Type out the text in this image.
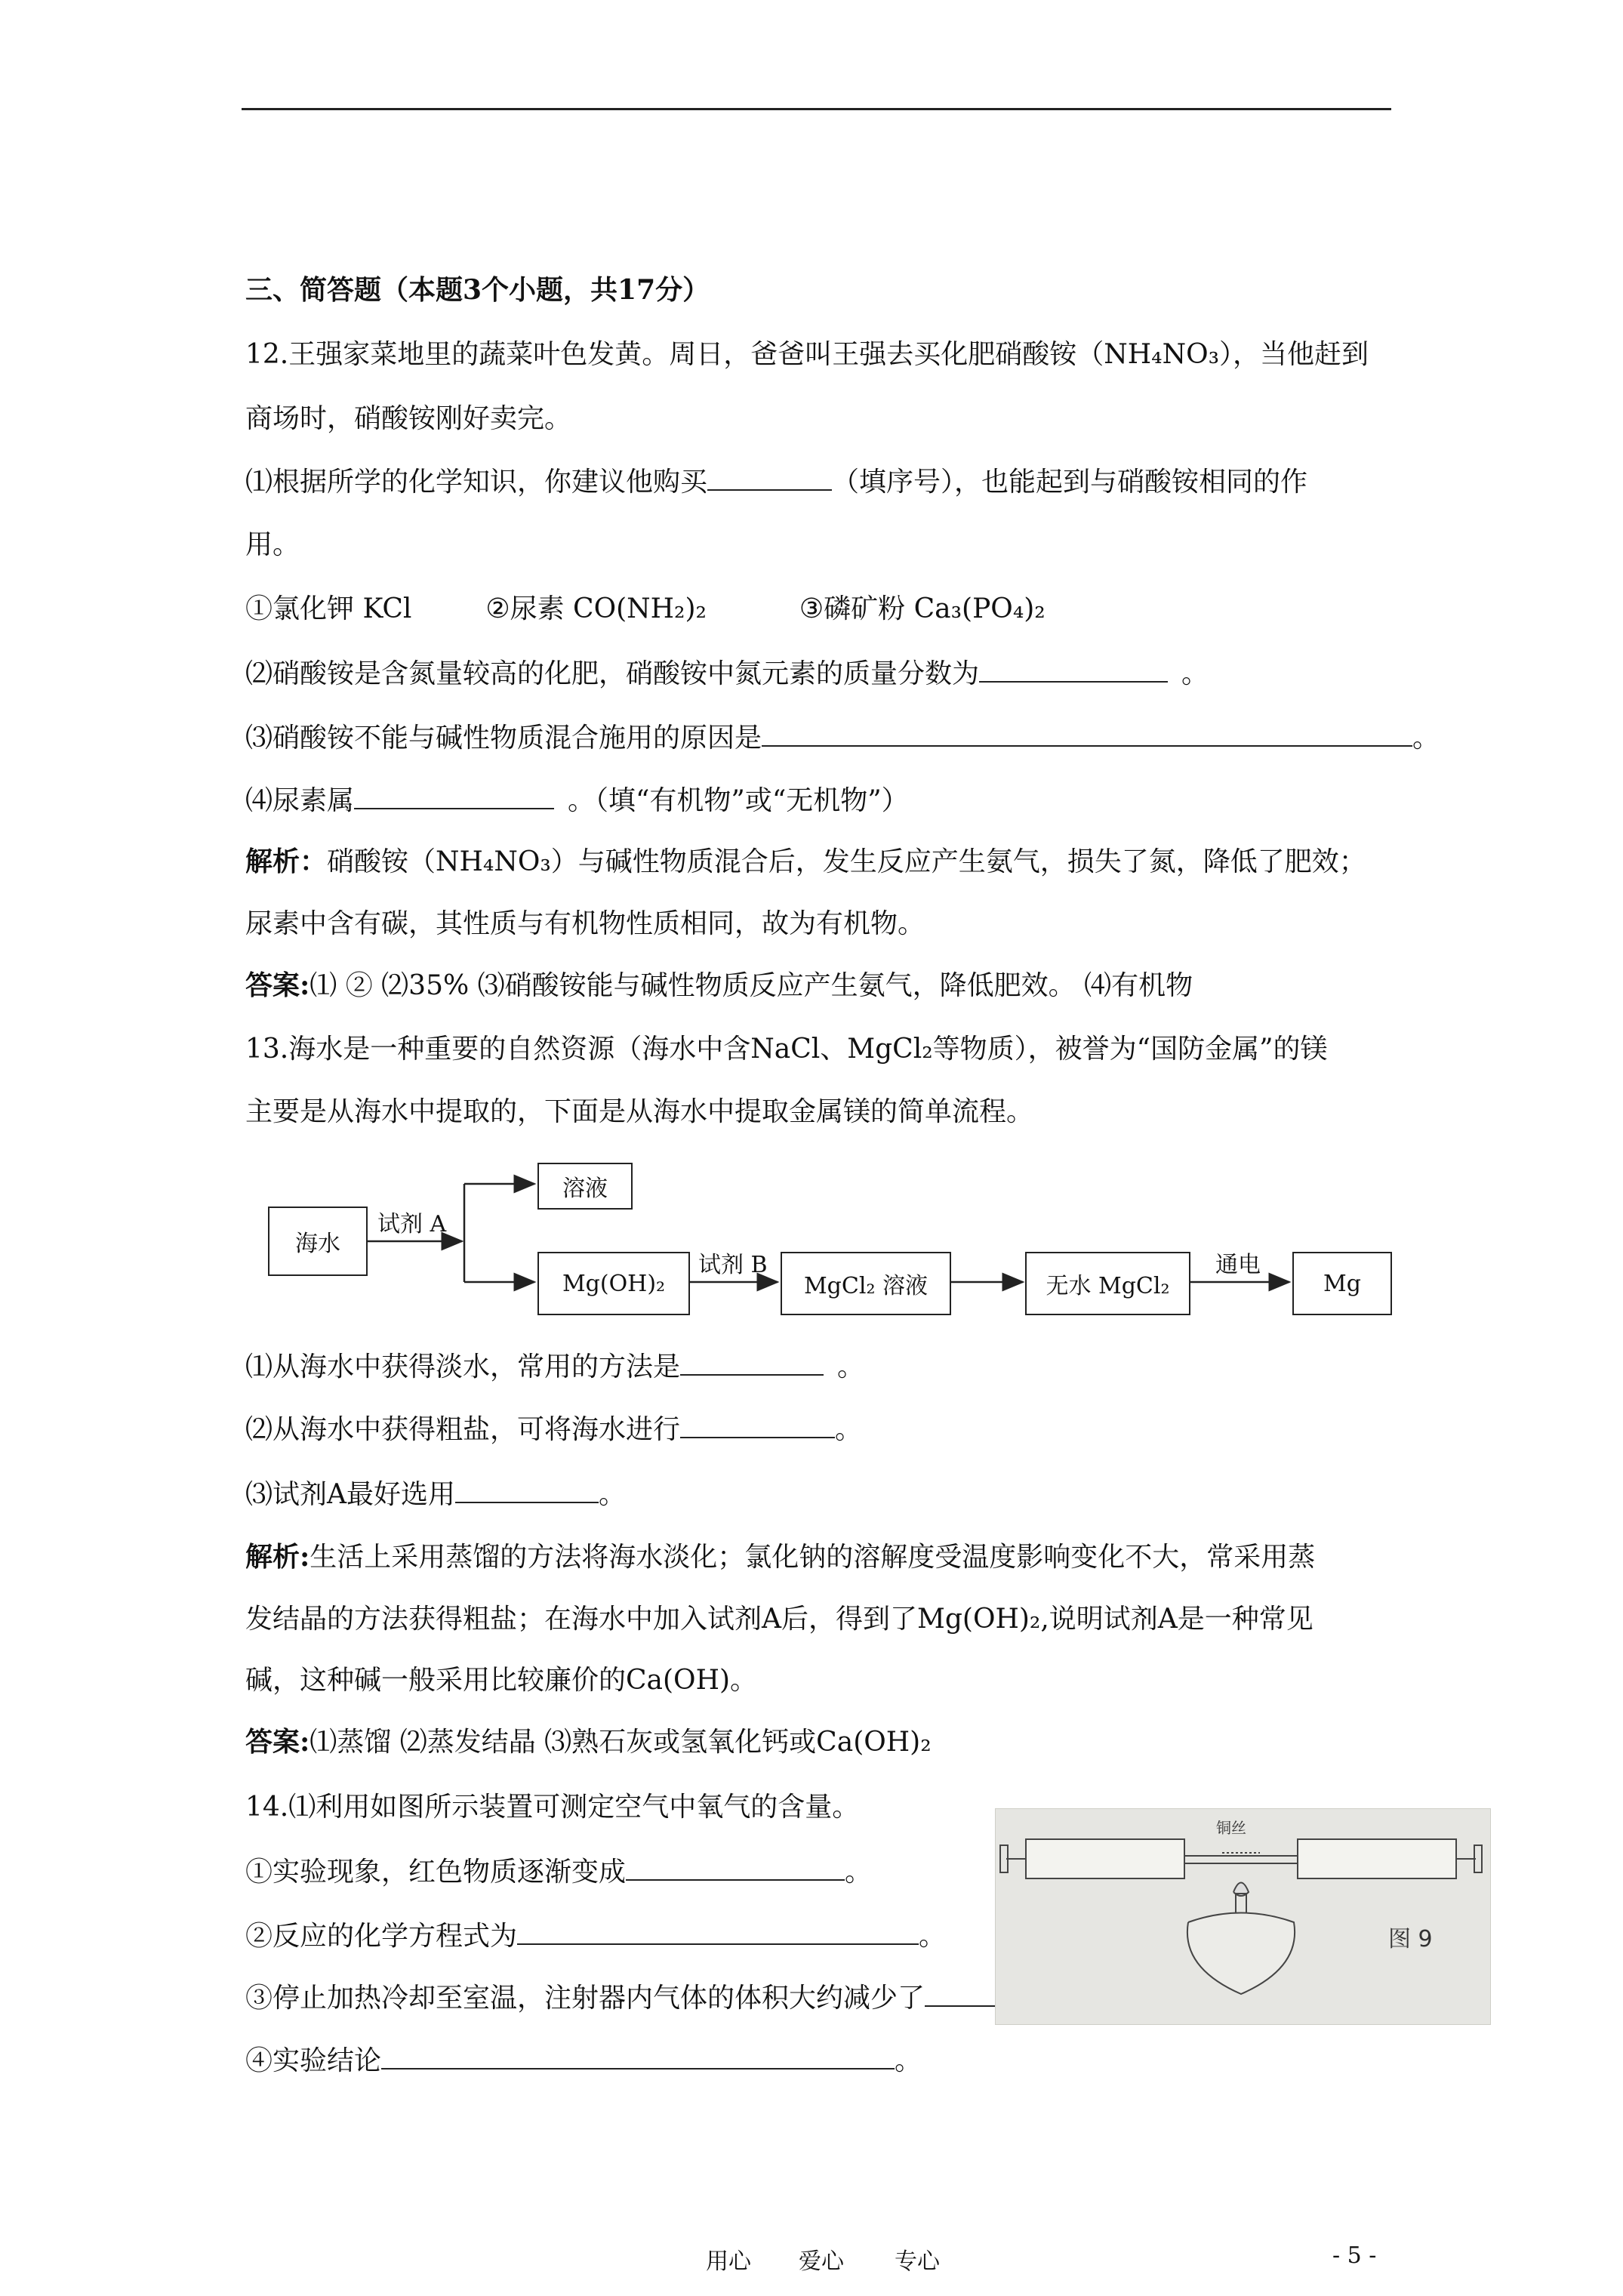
三、简答题（本题3个小题，共17分）
12.王强家菜地里的蔬菜叶色发黄。周日，爸爸叫王强去买化肥硝酸铵（NH₄NO₃），当他赶到
商场时，硝酸铵刚好卖完。
⑴根据所学的化学知识，你建议他购买	（填序号），也能起到与硝酸铵相同的作
用。
①氯化钾 KCl	②尿素 CO(NH₂)₂	③磷矿粉 Ca₃(PO₄)₂
⑵硝酸铵是含氮量较高的化肥，硝酸铵中氮元素的质量分数为	。
⑶硝酸铵不能与碱性物质混合施用的原因是	。
⑷尿素属	。（填“有机物”或“无机物”）
解析：硝酸铵（NH₄NO₃）与碱性物质混合后，发生反应产生氨气，损失了氮，降低了肥效；
尿素中含有碳，其性质与有机物性质相同，故为有机物。
答案:⑴ ② ⑵35% ⑶硝酸铵能与碱性物质反应产生氨气，降低肥效。 ⑷有机物
13.海水是一种重要的自然资源（海水中含NaCl、MgCl₂等物质），被誉为“国防金属”的镁
主要是从海水中提取的，下面是从海水中提取金属镁的简单流程。
海水
试剂 A
溶液
Mg(OH)₂
试剂 B
MgCl₂ 溶液	无水 MgCl₂
通电
Mg
⑴从海水中获得淡水，常用的方法是	。
⑵从海水中获得粗盐，可将海水进行	。
⑶试剂A最好选用	。
解析:生活上采用蒸馏的方法将海水淡化；氯化钠的溶解度受温度影响变化不大，常采用蒸
发结晶的方法获得粗盐；在海水中加入试剂A后，得到了Mg(OH)₂,说明试剂A是一种常见
碱，这种碱一般采用比较廉价的Ca(OH)。
答案:⑴蒸馏 ⑵蒸发结晶 ⑶熟石灰或氢氧化钙或Ca(OH)₂
14.⑴利用如图所示装置可测定空气中氧气的含量。
①实验现象，红色物质逐渐变成	。
②反应的化学方程式为	。
③停止加热冷却至室温，注射器内气体的体积大约减少了
④实验结论	。
铜丝
图 9
用心 爱心 专心	- 5 -
